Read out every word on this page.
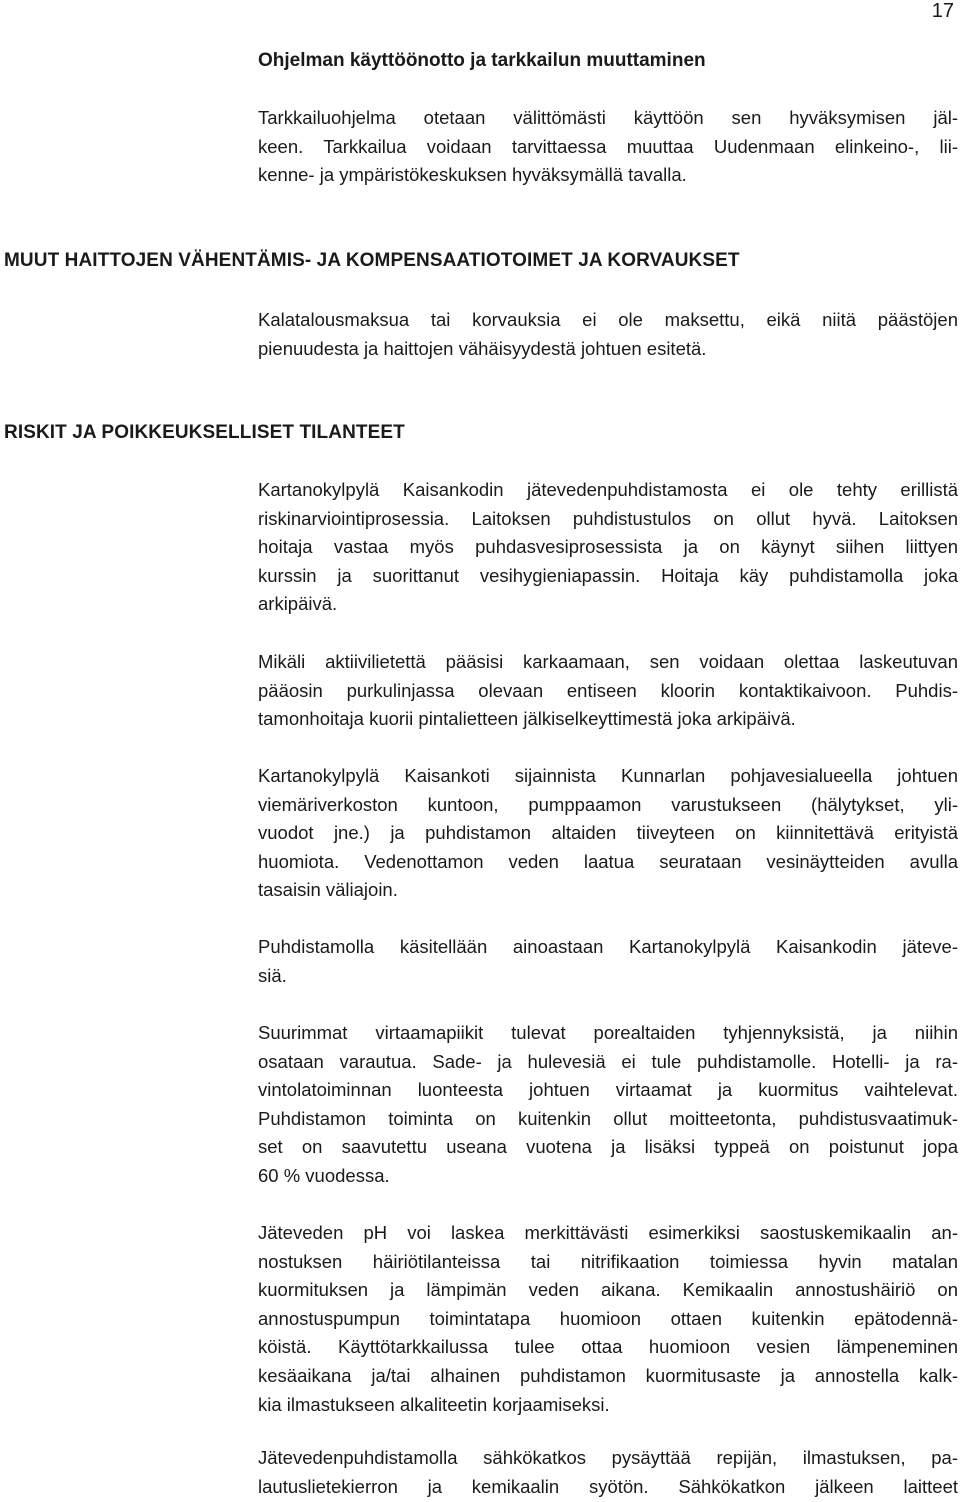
17
Ohjelman käyttöönotto ja tarkkailun muuttaminen
Tarkkailuohjelma otetaan välittömästi käyttöön sen hyväksymisen jäl-
keen. Tarkkailua voidaan tarvittaessa muuttaa Uudenmaan elinkeino-, lii-
kenne- ja ympäristökeskuksen hyväksymällä tavalla.
MUUT HAITTOJEN VÄHENTÄMIS- JA KOMPENSAATIOTOIMET JA KORVAUKSET
Kalatalousmaksua tai korvauksia ei ole maksettu, eikä niitä päästöjen
pienuudesta ja haittojen vähäisyydestä johtuen esitetä.
RISKIT JA POIKKEUKSELLISET TILANTEET
Kartanokylpylä Kaisankodin jätevedenpuhdistamosta ei ole tehty erillistä
riskinarviointiprosessia. Laitoksen puhdistustulos on ollut hyvä. Laitoksen
hoitaja vastaa myös puhdasvesiprosessista ja on käynyt siihen liittyen
kurssin ja suorittanut vesihygieniapassin. Hoitaja käy puhdistamolla joka
arkipäivä.
Mikäli aktiivilietettä pääsisi karkaamaan, sen voidaan olettaa laskeutuvan
pääosin purkulinjassa olevaan entiseen kloorin kontaktikaivoon. Puhdis-
tamonhoitaja kuorii pintalietteen jälkiselkeyttimestä joka arkipäivä.
Kartanokylpylä Kaisankoti sijainnista Kunnarlan pohjavesialueella johtuen
viemäriverkoston kuntoon, pumppaamon varustukseen (hälytykset, yli-
vuodot jne.) ja puhdistamon altaiden tiiveyteen on kiinnitettävä erityistä
huomiota. Vedenottamon veden laatua seurataan vesinäytteiden avulla
tasaisin väliajoin.
Puhdistamolla käsitellään ainoastaan Kartanokylpylä Kaisankodin jäteve-
siä.
Suurimmat virtaamapiikit tulevat porealtaiden tyhjennyksistä, ja niihin
osataan varautua. Sade- ja hulevesiä ei tule puhdistamolle. Hotelli- ja ra-
vintolatoiminnan luonteesta johtuen virtaamat ja kuormitus vaihtelevat.
Puhdistamon toiminta on kuitenkin ollut moitteetonta, puhdistusvaatimuk-
set on saavutettu useana vuotena ja lisäksi typpeä on poistunut jopa
60 % vuodessa.
Jäteveden pH voi laskea merkittävästi esimerkiksi saostuskemikaalin an-
nostuksen häiriötilanteissa tai nitrifikaation toimiessa hyvin matalan
kuormituksen ja lämpimän veden aikana. Kemikaalin annostushäiriö on
annostuspumpun toimintatapa huomioon ottaen kuitenkin epätodennä-
köistä. Käyttötarkkailussa tulee ottaa huomioon vesien lämpeneminen
kesäaikana ja/tai alhainen puhdistamon kuormitusaste ja annostella kalk-
kia ilmastukseen alkaliteetin korjaamiseksi.
Jätevedenpuhdistamolla sähkökatkos pysäyttää repijän, ilmastuksen, pa-
lautuslietekierron ja kemikaalin syötön. Sähkökatkon jälkeen laitteet
